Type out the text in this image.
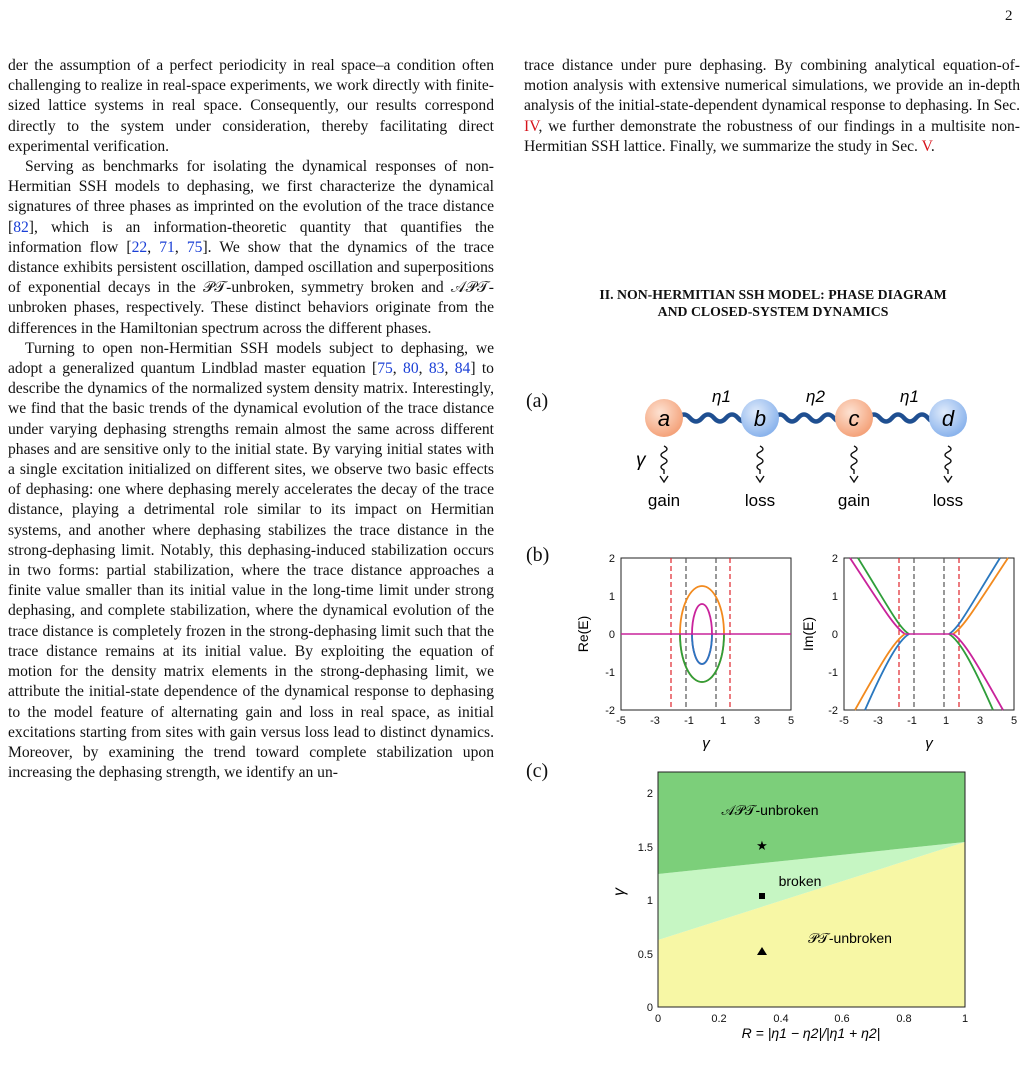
2

der the assumption of a perfect periodicity in real space–a condition often challenging to realize in real-space experiments, we work directly with finite-sized lattice systems in real space. Consequently, our results correspond directly to the system under consideration, thereby facilitating direct experimental verification.

Serving as benchmarks for isolating the dynamical responses of non-Hermitian SSH models to dephasing, we first characterize the dynamical signatures of three phases as imprinted on the evolution of the trace distance [82], which is an information-theoretic quantity that quantifies the information flow [22, 71, 75]. We show that the dynamics of the trace distance exhibits persistent oscillation, damped oscillation and superpositions of exponential decays in the 𝒫𝒯-unbroken, symmetry broken and 𝒜𝒫𝒯-unbroken phases, respectively. These distinct behaviors originate from the differences in the Hamiltonian spectrum across the different phases.

Turning to open non-Hermitian SSH models subject to dephasing, we adopt a generalized quantum Lindblad master equation [75, 80, 83, 84] to describe the dynamics of the normalized system density matrix. Interestingly, we find that the basic trends of the dynamical evolution of the trace distance under varying dephasing strengths remain almost the same across different phases and are sensitive only to the initial state. By varying initial states with a single excitation initialized on different sites, we observe two basic effects of dephasing: one where dephasing merely accelerates the decay of the trace distance, playing a detrimental role similar to its impact on Hermitian systems, and another where dephasing stabilizes the trace distance in the strong-dephasing limit. Notably, this dephasing-induced stabilization occurs in two forms: partial stabilization, where the trace distance approaches a finite value smaller than its initial value in the long-time limit under strong dephasing, and complete stabilization, where the dynamical evolution of the trace distance is completely frozen in the strong-dephasing limit such that the trace distance remains at its initial value. By exploiting the equation of motion for the density matrix elements in the strong-dephasing limit, we attribute the initial-state dependence of the dynamical response to dephasing to the model feature of alternating gain and loss in real space, as initial excitations starting from sites with gain versus loss lead to distinct dynamics. Moreover, by examining the trend toward complete stabilization upon increasing the dephasing strength, we identify an un-

trace distance under pure dephasing. By combining analytical equation-of-motion analysis with extensive numerical simulations, we provide an in-depth analysis of the initial-state-dependent dynamical response to dephasing. In Sec. IV, we further demonstrate the robustness of our findings in a multisite non-Hermitian SSH lattice. Finally, we summarize the study in Sec. V.

II. NON-HERMITIAN SSH MODEL: PHASE DIAGRAM
AND CLOSED-SYSTEM DYNAMICS
(a)
(b)
(c)
η1	η2	η1
a	b	c	d
γ
gain	loss	gain	loss
2
1
0
-1
-2
-5 -3 -1 1	3	5
γ
Re(E)
2
1
0
-1
-2
-5 -3 -1 1	3	5
γ
Im(E)
0
0.5
1
1.5
2
0	0.2	0.4	0.6	0.8	1
𝒜𝒫𝒯-unbroken
broken
𝒫𝒯-unbroken
★
R = |η1 − η2|/|η1 + η2|
γ
